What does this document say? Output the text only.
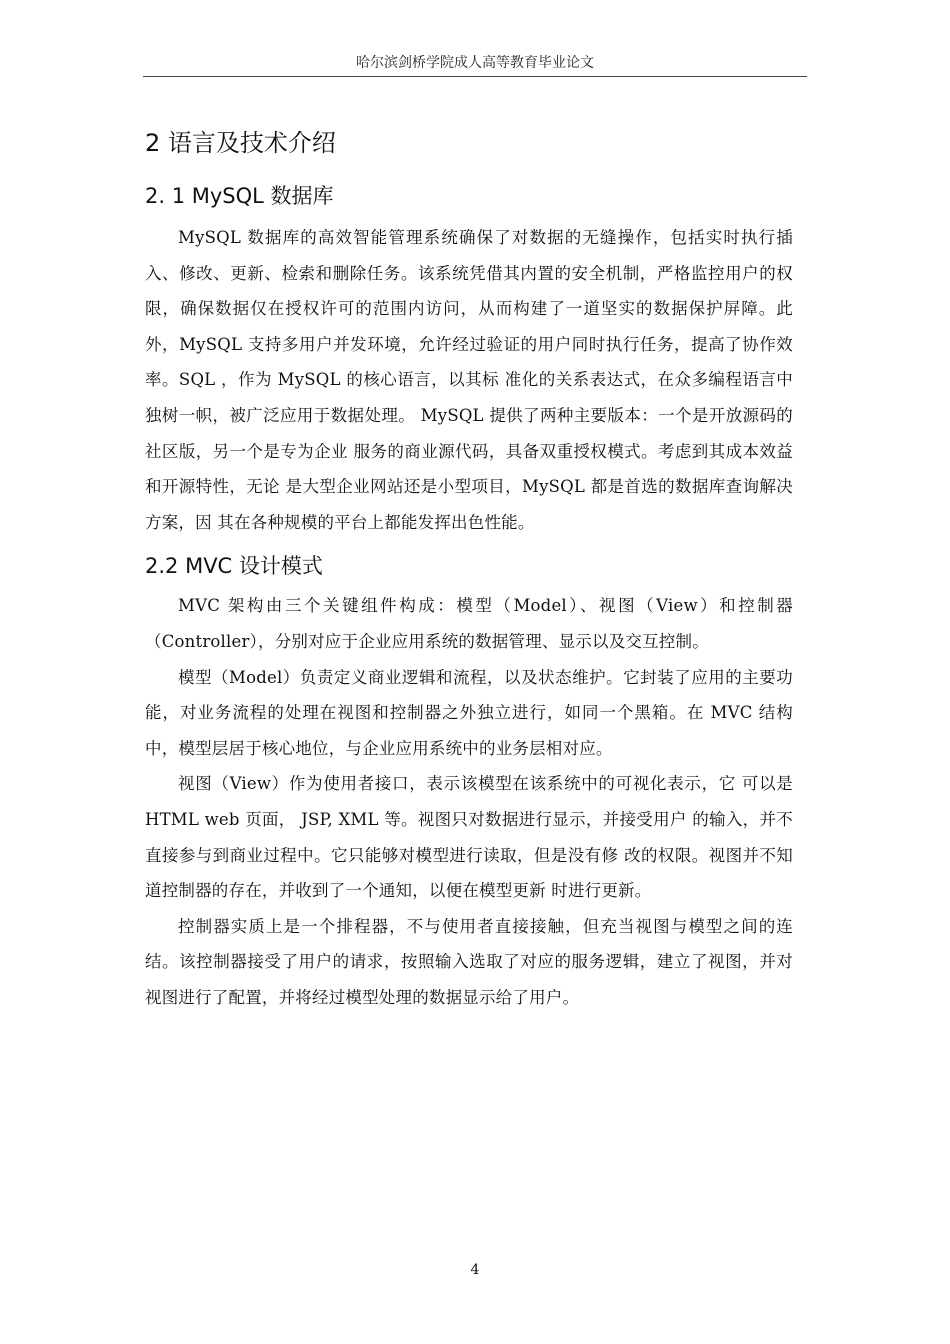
哈尔滨剑桥学院成人高等教育毕业论文
2 语言及技术介绍
2. 1 MySQL 数据库

MySQL 数据库的高效智能管理系统确保了对数据的无缝操作，包括实时执行插入、修改、更新、检索和删除任务。该系统凭借其内置的安全机制，严格监控用户的权限，确保数据仅在授权许可的范围内访问，从而构建了一道坚实的数据保护屏障。此外，MySQL 支持多用户并发环境，允许经过验证的用户同时执行任务，提高了协作效率。SQL ，作为 MySQL 的核心语言，以其标 准化的关系表达式，在众多编程语言中独树一帜，被广泛应用于数据处理。 MySQL 提供了两种主要版本：一个是开放源码的社区版，另一个是专为企业 服务的商业源代码，具备双重授权模式。考虑到其成本效益和开源特性，无论 是大型企业网站还是小型项目，MySQL 都是首选的数据库查询解决方案，因 其在各种规模的平台上都能发挥出色性能。

2.2 MVC 设计模式

MVC 架构由三个关键组件构成：模型（Model）、视图（View）和控制器 （Controller），分别对应于企业应用系统的数据管理、显示以及交互控制。

模型（Model）负责定义商业逻辑和流程，以及状态维护。它封装了应用的主要功能，对业务流程的处理在视图和控制器之外独立进行，如同一个黑箱。在 MVC 结构中，模型层居于核心地位，与企业应用系统中的业务层相对应。

视图（View）作为使用者接口，表示该模型在该系统中的可视化表示，它 可以是 HTML web 页面， JSP, XML 等。视图只对数据进行显示，并接受用户 的输入，并不直接参与到商业过程中。它只能够对模型进行读取，但是没有修 改的权限。视图并不知道控制器的存在，并收到了一个通知，以便在模型更新 时进行更新。

控制器实质上是一个排程器，不与使用者直接接触，但充当视图与模型之间的连结。该控制器接受了用户的请求，按照输入选取了对应的服务逻辑，建立了视图，并对视图进行了配置，并将经过模型处理的数据显示给了用户。

4
